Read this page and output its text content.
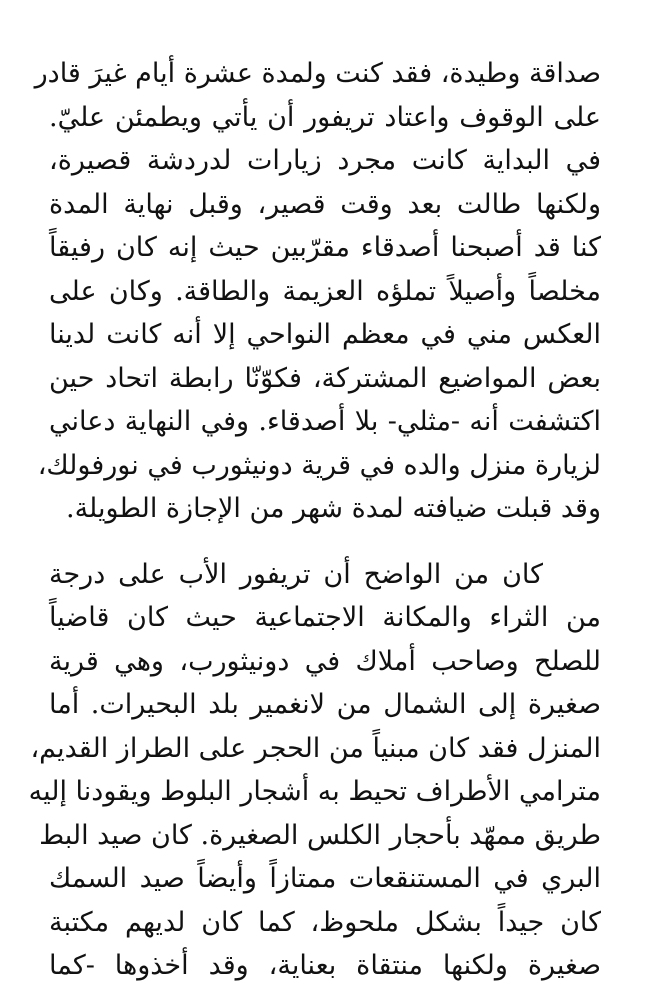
صداقة وطيدة، فقد كنت ولمدة عشرة أيام غيرَ قادر
على الوقوف واعتاد تريفور أن يأتي ويطمئن عليّ.
في البداية كانت مجرد زيارات لدردشة قصيرة،
ولكنها طالت بعد وقت قصير، وقبل نهاية المدة
كنا قد أصبحنا أصدقاء مقرّبين حيث إنه كان رفيقاً
مخلصاً وأصيلاً تملؤه العزيمة والطاقة. وكان على
العكس مني في معظم النواحي إلا أنه كانت لدينا
بعض المواضيع المشتركة، فكوّنّا رابطة اتحاد حين
اكتشفت أنه -مثلي- بلا أصدقاء. وفي النهاية دعاني
لزيارة منزل والده في قرية دونيثورب في نورفولك،
وقد قبلت ضيافته لمدة شهر من الإجازة الطويلة.

كان من الواضح أن تريفور الأب على درجة
من الثراء والمكانة الاجتماعية حيث كان قاضياً
للصلح وصاحب أملاك في دونيثورب، وهي قرية
صغيرة إلى الشمال من لانغمير بلد البحيرات. أما
المنزل فقد كان مبنياً من الحجر على الطراز القديم،
مترامي الأطراف تحيط به أشجار البلوط ويقودنا إليه
طريق ممهّد بأحجار الكلس الصغيرة. كان صيد البط
البري في المستنقعات ممتازاً وأيضاً صيد السمك
كان جيداً بشكل ملحوظ، كما كان لديهم مكتبة
صغيرة ولكنها منتقاة بعناية، وقد أخذوها -كما
